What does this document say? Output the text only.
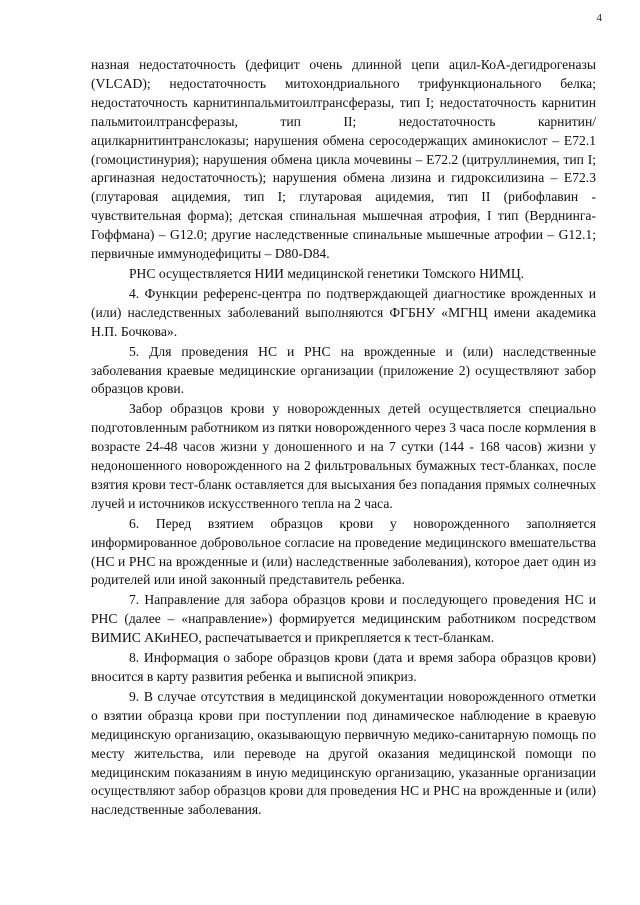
4

назная недостаточность (дефицит очень длинной цепи ацил-КоА-дегидрогеназы (VLCAD); недостаточность митохондриального трифункционального белка; недостаточность карнитинпальмитоилтрансферазы, тип I; недостаточность карнитин пальмитоилтрансферазы, тип II; недостаточность карнитин/ацилкарнитинтранслоказы; нарушения обмена серосодержащих аминокислот – Е72.1 (гомоцистинурия); нарушения обмена цикла мочевины – Е72.2 (цитруллинемия, тип I; аргиназная недостаточность); нарушения обмена лизина и гидроксилизина – Е72.3 (глутаровая ацидемия, тип I; глутаровая ацидемия, тип II (рибофлавин - чувствительная форма); детская спинальная мышечная атрофия, I тип (Верднинга-Гоффмана) – G12.0; другие наследственные спинальные мышечные атрофии – G12.1; первичные иммунодефициты – D80-D84.

РНС осуществляется НИИ медицинской генетики Томского НИМЦ.

4. Функции референс-центра по подтверждающей диагностике врожденных и (или) наследственных заболеваний выполняются ФГБНУ «МГНЦ имени академика Н.П. Бочкова».

5. Для проведения НС и РНС на врожденные и (или) наследственные заболевания краевые медицинские организации (приложение 2) осуществляют забор образцов крови.

Забор образцов крови у новорожденных детей осуществляется специально подготовленным работником из пятки новорожденного через 3 часа после кормления в возрасте 24-48 часов жизни у доношенного и на 7 сутки (144 - 168 часов) жизни у недоношенного новорожденного на 2 фильтровальных бумажных тест-бланках, после взятия крови тест-бланк оставляется для высыхания без попадания прямых солнечных лучей и источников искусственного тепла на 2 часа.

6. Перед взятием образцов крови у новорожденного заполняется информированное добровольное согласие на проведение медицинского вмешательства (НС и РНС на врожденные и (или) наследственные заболевания), которое дает один из родителей или иной законный представитель ребенка.

7. Направление для забора образцов крови и последующего проведения НС и РНС (далее – «направление») формируется медицинским работником посредством ВИМИС АКиНЕО, распечатывается и прикрепляется к тест-бланкам.

8. Информация о заборе образцов крови (дата и время забора образцов крови) вносится в карту развития ребенка и выписной эпикриз.

9. В случае отсутствия в медицинской документации новорожденного отметки о взятии образца крови при поступлении под динамическое наблюдение в краевую медицинскую организацию, оказывающую первичную медико-санитарную помощь по месту жительства, или переводе на другой оказания медицинской помощи по медицинским показаниям в иную медицинскую организацию, указанные организации осуществляют забор образцов крови для проведения НС и РНС на врожденные и (или) наследственные заболевания.
